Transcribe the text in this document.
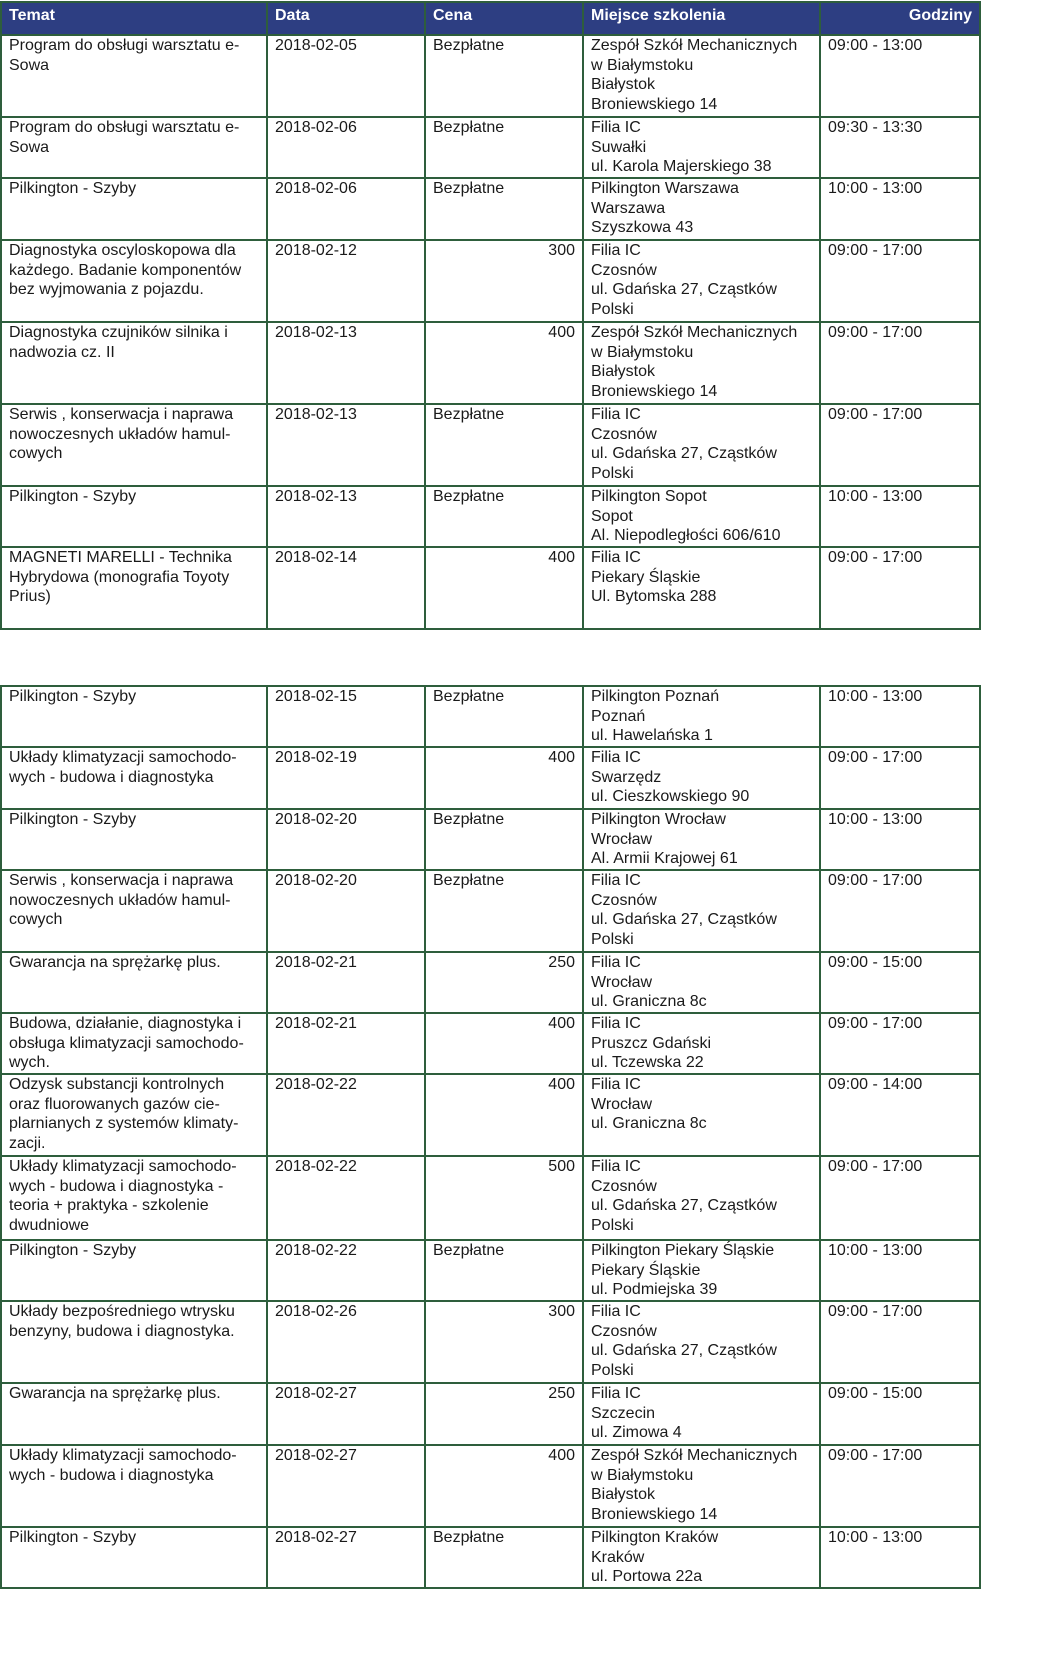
Temat	Data	Cena	Miejsce szkolenia	Godziny
Program do obsługi warsztatu e-
Sowa	2018-02-05	Bezpłatne	Zespół Szkół Mechanicznych
w Białymstoku
Białystok
Broniewskiego 14	09:00 - 13:00
Program do obsługi warsztatu e-
Sowa	2018-02-06	Bezpłatne	Filia IC
Suwałki
ul. Karola Majerskiego 38	09:30 - 13:30
Pilkington - Szyby	2018-02-06	Bezpłatne	Pilkington Warszawa
Warszawa
Szyszkowa 43	10:00 - 13:00
Diagnostyka oscyloskopowa dla
każdego. Badanie komponentów
bez wyjmowania z pojazdu.	2018-02-12	300	Filia IC
Czosnów
ul. Gdańska 27, Cząstków
Polski	09:00 - 17:00
Diagnostyka czujników silnika i
nadwozia cz. II	2018-02-13	400	Zespół Szkół Mechanicznych
w Białymstoku
Białystok
Broniewskiego 14	09:00 - 17:00
Serwis , konserwacja i naprawa
nowoczesnych układów hamul-
cowych	2018-02-13	Bezpłatne	Filia IC
Czosnów
ul. Gdańska 27, Cząstków
Polski	09:00 - 17:00
Pilkington - Szyby	2018-02-13	Bezpłatne	Pilkington Sopot
Sopot
Al. Niepodległości 606/610	10:00 - 13:00
MAGNETI MARELLI - Technika
Hybrydowa (monografia Toyoty
Prius)	2018-02-14	400	Filia IC
Piekary Śląskie
Ul. Bytomska 288	09:00 - 17:00
Pilkington - Szyby	2018-02-15	Bezpłatne	Pilkington Poznań
Poznań
ul. Hawelańska 1	10:00 - 13:00
Układy klimatyzacji samochodo-
wych - budowa i diagnostyka	2018-02-19	400	Filia IC
Swarzędz
ul. Cieszkowskiego 90	09:00 - 17:00
Pilkington - Szyby	2018-02-20	Bezpłatne	Pilkington Wrocław
Wrocław
Al. Armii Krajowej 61	10:00 - 13:00
Serwis , konserwacja i naprawa
nowoczesnych układów hamul-
cowych	2018-02-20	Bezpłatne	Filia IC
Czosnów
ul. Gdańska 27, Cząstków
Polski	09:00 - 17:00
Gwarancja na sprężarkę plus.	2018-02-21	250	Filia IC
Wrocław
ul. Graniczna 8c	09:00 - 15:00
Budowa, działanie, diagnostyka i
obsługa klimatyzacji samochodo-
wych.	2018-02-21	400	Filia IC
Pruszcz Gdański
ul. Tczewska 22	09:00 - 17:00
Odzysk substancji kontrolnych
oraz fluorowanych gazów cie-
plarnianych z systemów klimaty-
zacji.	2018-02-22	400	Filia IC
Wrocław
ul. Graniczna 8c	09:00 - 14:00
Układy klimatyzacji samochodo-
wych - budowa i diagnostyka -
teoria + praktyka - szkolenie
dwudniowe	2018-02-22	500	Filia IC
Czosnów
ul. Gdańska 27, Cząstków
Polski	09:00 - 17:00
Pilkington - Szyby	2018-02-22	Bezpłatne	Pilkington Piekary Śląskie
Piekary Śląskie
ul. Podmiejska 39	10:00 - 13:00
Układy bezpośredniego wtrysku
benzyny, budowa i diagnostyka.	2018-02-26	300	Filia IC
Czosnów
ul. Gdańska 27, Cząstków
Polski	09:00 - 17:00
Gwarancja na sprężarkę plus.	2018-02-27	250	Filia IC
Szczecin
ul. Zimowa 4	09:00 - 15:00
Układy klimatyzacji samochodo-
wych - budowa i diagnostyka	2018-02-27	400	Zespół Szkół Mechanicznych
w Białymstoku
Białystok
Broniewskiego 14	09:00 - 17:00
Pilkington - Szyby	2018-02-27	Bezpłatne	Pilkington Kraków
Kraków
ul. Portowa 22a	10:00 - 13:00
